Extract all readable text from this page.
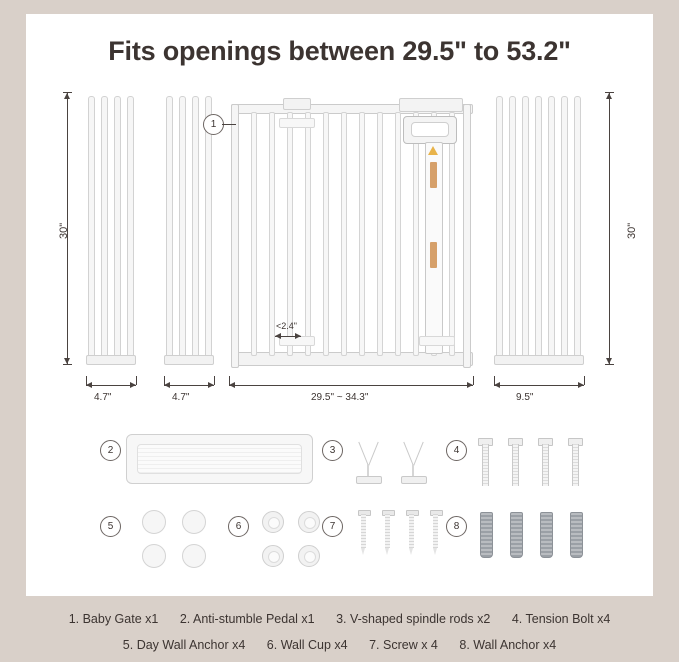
Fits openings between 29.5" to 53.2"
30"
1
<2.4"
30"
4.7"	4.7"	29.5" ~ 34.3"	9.5"
2	3	4
5	6	7	8
1. Baby Gate x1 2. Anti-stumble Pedal x1 3. V-shaped spindle rods x2 4. Tension Bolt x4
5. Day Wall Anchor x4 6. Wall Cup x4 7. Screw x 4 8. Wall Anchor x4
